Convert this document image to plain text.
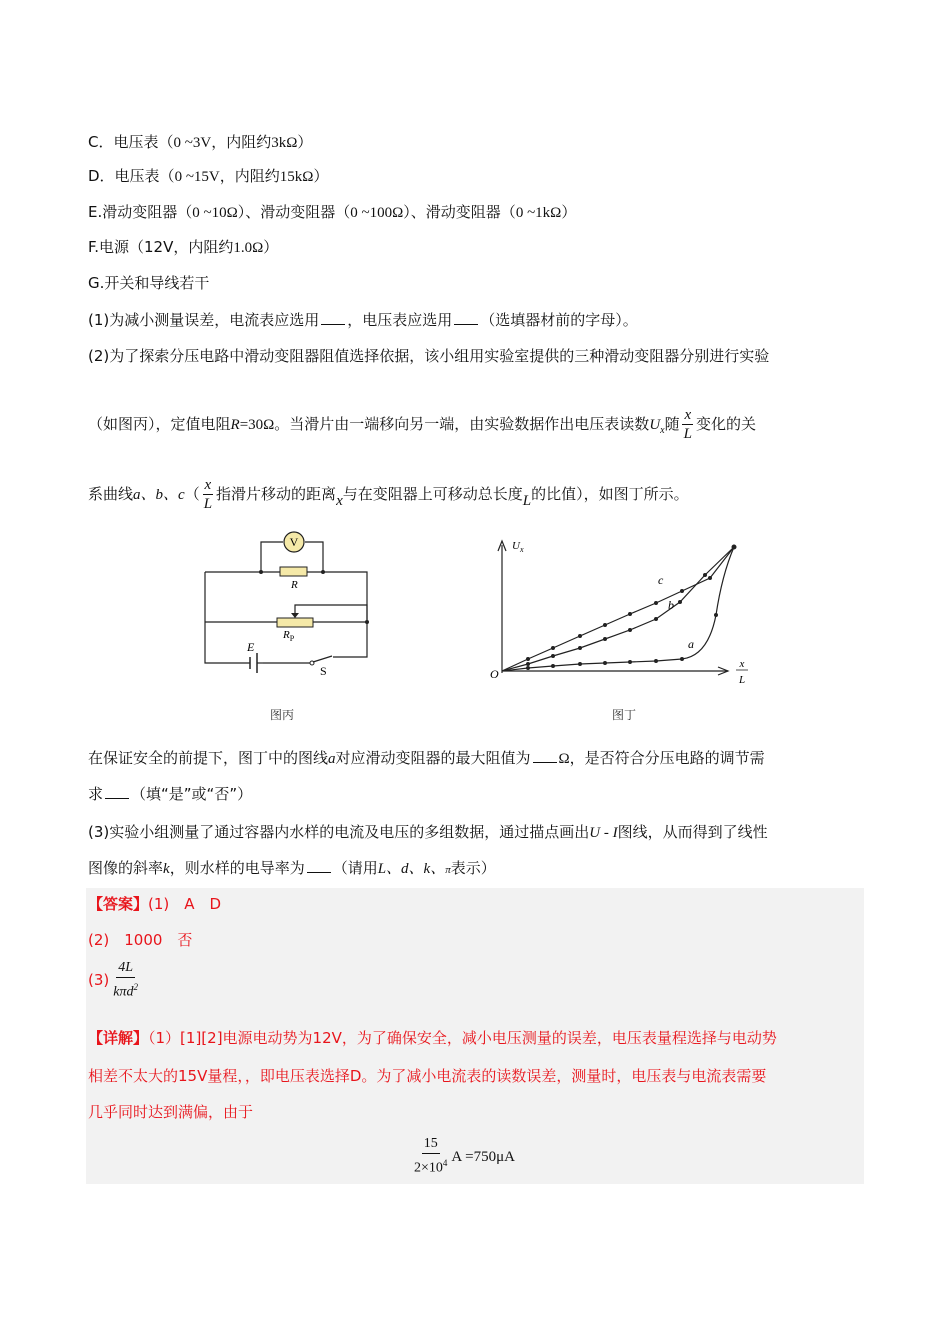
C．电压表（0 ~3V，内阻约3kΩ）
D．电压表（0 ~15V，内阻约15kΩ）
E.滑动变阻器（0 ~10Ω）、滑动变阻器（0 ~100Ω）、滑动变阻器（0 ~1kΩ）
F.电源（12V，内阻约1.0Ω）
G.开关和导线若干
(1)为减小测量误差，电流表应选用 ，电压表应选用 （选填器材前的字母）。
(2)为了探索分压电路中滑动变阻器阻值选择依据，该小组用实验室提供的三种滑动变阻器分别进行实验
（如图丙），定值电阻R=30Ω。当滑片由一端移向另一端，由实验数据作出电压表读数$U_x$随 $\frac{x}{L}$ 变化的关
系曲线a、b、$c( \frac{x}{L}$ 指滑片移动的距离x与在变阻器上可移动总长度L的比值），如图丁所示。
V
R
$R_P$
E
S
图丙
$U_x$
O
x
L
c
b
a
图丁
在保证安全的前提下，图丁中的图线a对应滑动变阻器的最大阻值为 Ω，是否符合分压电路的调节需
求 （填“是”或“否”）
(3)实验小组测量了通过容器内水样的电流及电压的多组数据，通过描点画出U - I图线，从而得到了线性
图像的斜率k，则水样的电导率为 （请用L、d、k、π表示）
【答案】(1)　A　D
(2)　1000　否
$(3) \frac{4L}{k\pi d^2}$
【详解】（1）[1][2]电源电动势为12V，为了确保安全，减小电压测量的误差，电压表量程选择与电动势
相差不太大的15V量程，，即电压表选择D。为了减小电流表的读数误差，测量时，电压表与电流表需要
几乎同时达到满偏，由于
$\frac{15}{2\times 10^4}$ A =750μA
